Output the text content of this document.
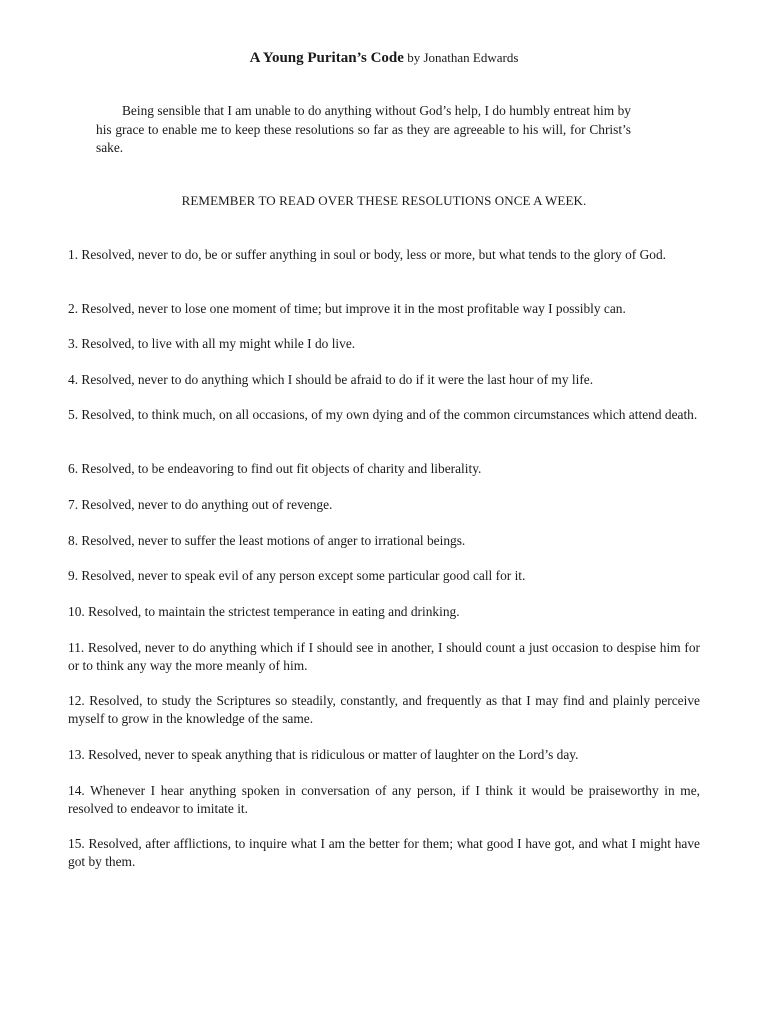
A Young Puritan’s Code by Jonathan Edwards

Being sensible that I am unable to do anything without God’s help, I do humbly entreat him by his grace to enable me to keep these resolutions so far as they are agreeable to his will, for Christ’s sake.

REMEMBER TO READ OVER THESE RESOLUTIONS ONCE A WEEK.

1. Resolved, never to do, be or suffer anything in soul or body, less or more, but what tends to the glory of God.

2. Resolved, never to lose one moment of time; but improve it in the most profitable way I possibly can.

3. Resolved, to live with all my might while I do live.

4. Resolved, never to do anything which I should be afraid to do if it were the last hour of my life.

5. Resolved, to think much, on all occasions, of my own dying and of the common circumstances which attend death.

6. Resolved, to be endeavoring to find out fit objects of charity and liberality.

7. Resolved, never to do anything out of revenge.

8. Resolved, never to suffer the least motions of anger to irrational beings.

9. Resolved, never to speak evil of any person except some particular good call for it.

10. Resolved, to maintain the strictest temperance in eating and drinking.

11. Resolved, never to do anything which if I should see in another, I should count a just occasion to despise him for or to think any way the more meanly of him.

12. Resolved, to study the Scriptures so steadily, constantly, and frequently as that I may find and plainly perceive myself to grow in the knowledge of the same.

13. Resolved, never to speak anything that is ridiculous or matter of laughter on the Lord’s day.

14. Whenever I hear anything spoken in conversation of any person, if I think it would be praiseworthy in me, resolved to endeavor to imitate it.

15. Resolved, after afflictions, to inquire what I am the better for them; what good I have got, and what I might have got by them.
